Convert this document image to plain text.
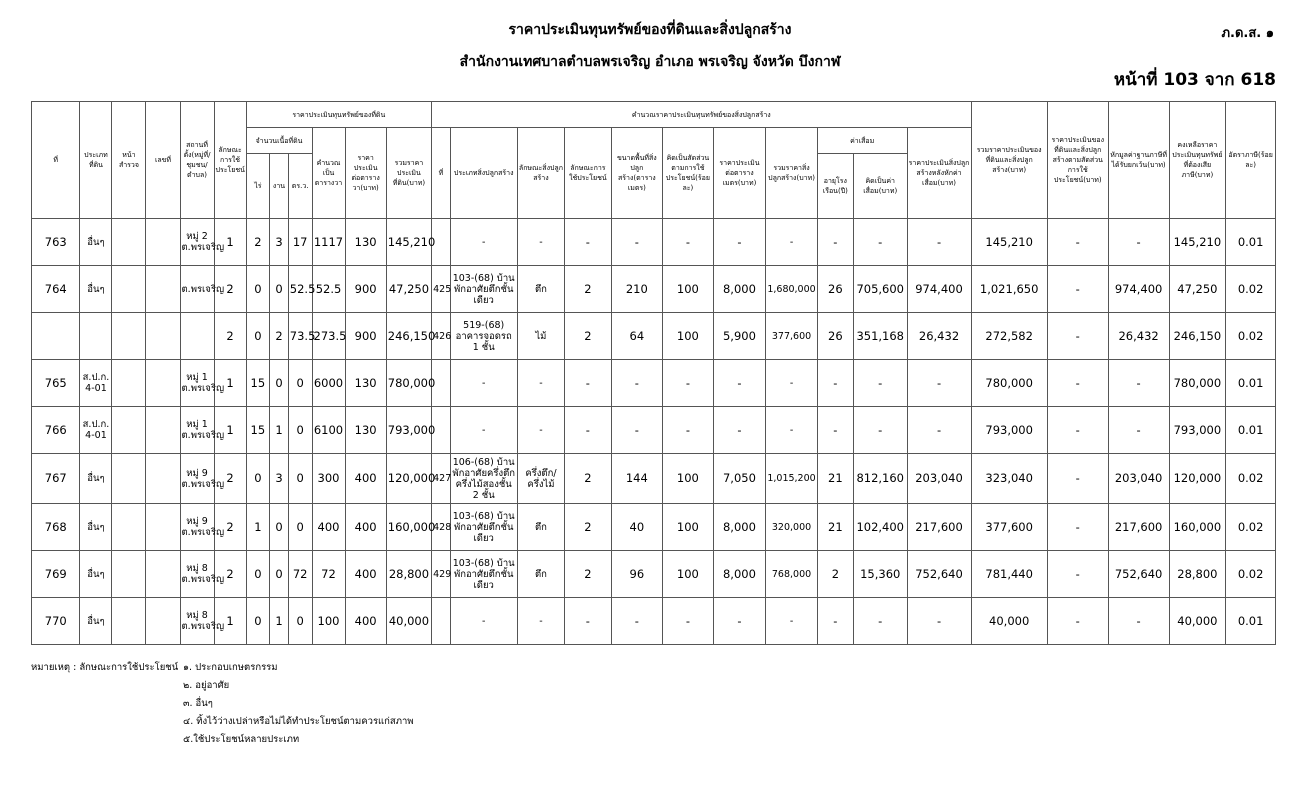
ราคาประเมินทุนทรัพย์ของที่ดินและสิ่งปลูกสร้าง
สำนักงานเทศบาลตำบลพรเจริญ อำเภอ พรเจริญ จังหวัด บึงกาฬ
ภ.ด.ส. ๑
หน้าที่ 103 จาก 618
ที่	ประเภทที่ดิน	หน้าสำรวจ	เลขที่	สถานที่ตั้ง(หมู่ที่/ชุมชน/ตำบล)	ลักษณะการใช้ประโยชน์	ราคาประเมินทุนทรัพย์ของที่ดิน						คำนวณราคาประเมินทุนทรัพย์ของสิ่งปลูกสร้าง											รวมราคาประเมินของที่ดินและสิ่งปลูกสร้าง(บาท)	ราคาประเมินของที่ดินและสิ่งปลูกสร้างตามสัดส่วนการใช้ประโยชน์(บาท)	หักมูลค่าฐานภาษีที่ได้รับยกเว้น(บาท)	คงเหลือราคาประเมินทุนทรัพย์ที่ต้องเสียภาษี(บาท)	อัตราภาษี(ร้อยละ)
						จำนวนเนื้อที่ดิน			คำนวณเป็นตารางวา	ราคาประเมินต่อตารางวา(บาท)	รวมราคาประเมินที่ดิน(บาท)	ที่	ประเภทสิ่งปลูกสร้าง	ลักษณะสิ่งปลูกสร้าง	ลักษณะการใช้ประโยชน์	ขนาดพื้นที่สิ่งปลูกสร้าง(ตารางเมตร)	คิดเป็นสัดส่วนตามการใช้ประโยชน์(ร้อยละ)	ราคาประเมินต่อตารางเมตร(บาท)	รวมราคาสิ่งปลูกสร้าง(บาท)	ค่าเสื่อม		ราคาประเมินสิ่งปลูกสร้างหลังหักค่าเสื่อม(บาท)					
						ไร่	งาน	ตร.ว.												อายุโรงเรือน(ปี)	คิดเป็นค่าเสื่อม(บาท)						
763	อื่นๆ			หมู่ 2 ต.พรเจริญ	1	2	3	17	1117	130	145,210		-	-	-	-	-	-	-	-	-	-	145,210	-	-	145,210	0.01
764	อื่นๆ			ต.พรเจริญ	2	0	0	52.5	52.5	900	47,250	425	103-(68) บ้านพักอาศัยตึกชั้นเดียว	ตึก	2	210	100	8,000	1,680,000	26	705,600	974,400	1,021,650	-	974,400	47,250	0.02
					2	0	2	73.5	273.5	900	246,150	426	519-(68) อาคารจอดรถ 1 ชั้น	ไม้	2	64	100	5,900	377,600	26	351,168	26,432	272,582	-	26,432	246,150	0.02
765	ส.ป.ก. 4-01			หมู่ 1 ต.พรเจริญ	1	15	0	0	6000	130	780,000		-	-	-	-	-	-	-	-	-	-	780,000	-	-	780,000	0.01
766	ส.ป.ก. 4-01			หมู่ 1 ต.พรเจริญ	1	15	1	0	6100	130	793,000		-	-	-	-	-	-	-	-	-	-	793,000	-	-	793,000	0.01
767	อื่นๆ			หมู่ 9 ต.พรเจริญ	2	0	3	0	300	400	120,000	427	106-(68) บ้านพักอาศัยครึ่งตึกครึ่งไม้สองชั้น 2 ชั้น	ครึ่งตึก/ครึ่งไม้	2	144	100	7,050	1,015,200	21	812,160	203,040	323,040	-	203,040	120,000	0.02
768	อื่นๆ			หมู่ 9 ต.พรเจริญ	2	1	0	0	400	400	160,000	428	103-(68) บ้านพักอาศัยตึกชั้นเดียว	ตึก	2	40	100	8,000	320,000	21	102,400	217,600	377,600	-	217,600	160,000	0.02
769	อื่นๆ			หมู่ 8 ต.พรเจริญ	2	0	0	72	72	400	28,800	429	103-(68) บ้านพักอาศัยตึกชั้นเดียว	ตึก	2	96	100	8,000	768,000	2	15,360	752,640	781,440	-	752,640	28,800	0.02
770	อื่นๆ			หมู่ 8 ต.พรเจริญ	1	0	1	0	100	400	40,000		-	-	-	-	-	-	-	-	-	-	40,000	-	-	40,000	0.01
หมายเหตุ : ลักษณะการใช้ประโยชน์ ๑. ประกอบเกษตรกรรม
๒. อยู่อาศัย
๓. อื่นๆ
๔. ทิ้งไว้ว่างเปล่าหรือไม่ได้ทำประโยชน์ตามควรแก่สภาพ
๕.ใช้ประโยชน์หลายประเภท
